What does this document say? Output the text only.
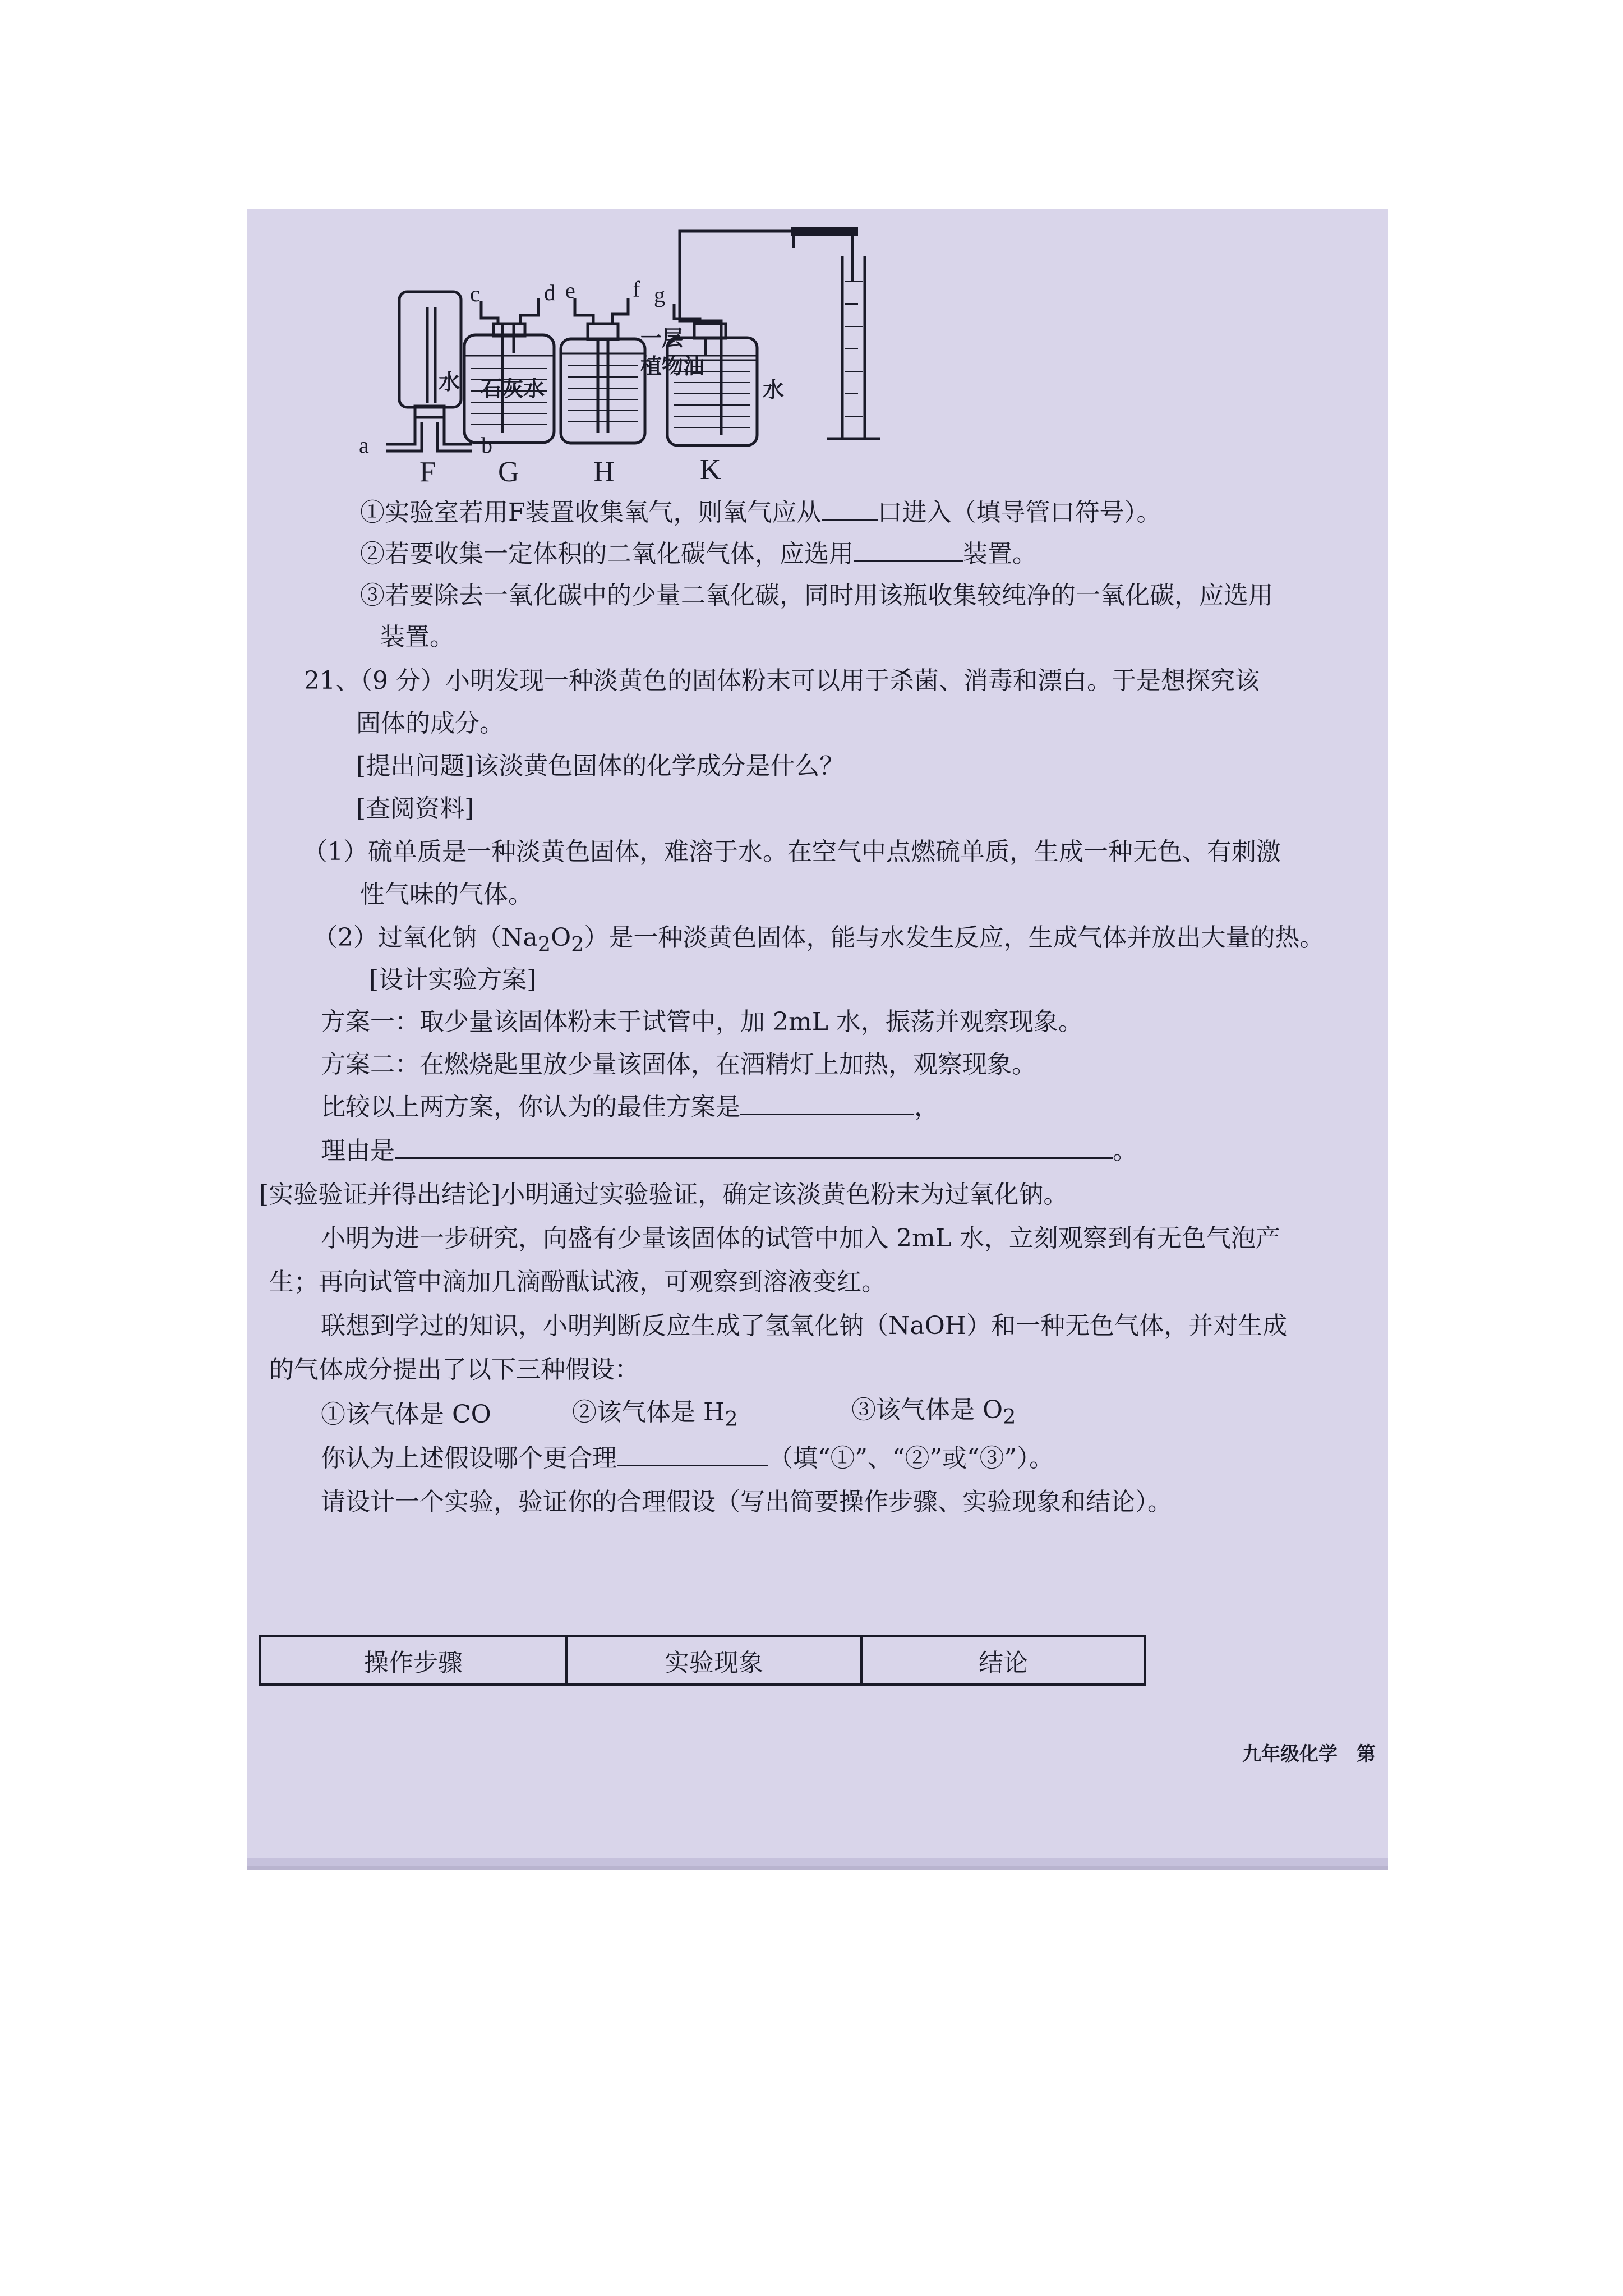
a	b
F
c	d
水
G
e	f
石灰水
H
g
一层
植物油
水
K
①实验室若用F装置收集氧气，则氧气应从 口进入（填导管口符号）。
②若要收集一定体积的二氧化碳气体，应选用	装置。
③若要除去一氧化碳中的少量二氧化碳，同时用该瓶收集较纯净的一氧化碳，应选用
装置。
21、（9 分）小明发现一种淡黄色的固体粉末可以用于杀菌、消毒和漂白。于是想探究该
固体的成分。
[提出问题]该淡黄色固体的化学成分是什么？
[查阅资料]
（1）硫单质是一种淡黄色固体，难溶于水。在空气中点燃硫单质，生成一种无色、有刺激
性气味的气体。
（2）过氧化钠$(Na_2O_2)$是一种淡黄色固体，能与水发生反应，生成气体并放出大量的热。
[设计实验方案]
方案一：取少量该固体粉末于试管中，加 2mL 水，振荡并观察现象。
方案二：在燃烧匙里放少量该固体，在酒精灯上加热，观察现象。
比较以上两方案，你认为的最佳方案是	，
理由是	。
[实验验证并得出结论]小明通过实验验证，确定该淡黄色粉末为过氧化钠。
小明为进一步研究，向盛有少量该固体的试管中加入 2mL 水，立刻观察到有无色气泡产
生；再向试管中滴加几滴酚酞试液，可观察到溶液变红。
联想到学过的知识，小明判断反应生成了氢氧化钠（NaOH）和一种无色气体，并对生成
的气体成分提出了以下三种假设：
①该气体是 CO	②该气体是 $H_2$	③该气体是 $O_2$
你认为上述假设哪个更合理	（填“①”、“②”或“③”）。
请设计一个实验，验证你的合理假设（写出简要操作步骤、实验现象和结论）。
操作步骤	实验现象	结论
九年级化学　第
